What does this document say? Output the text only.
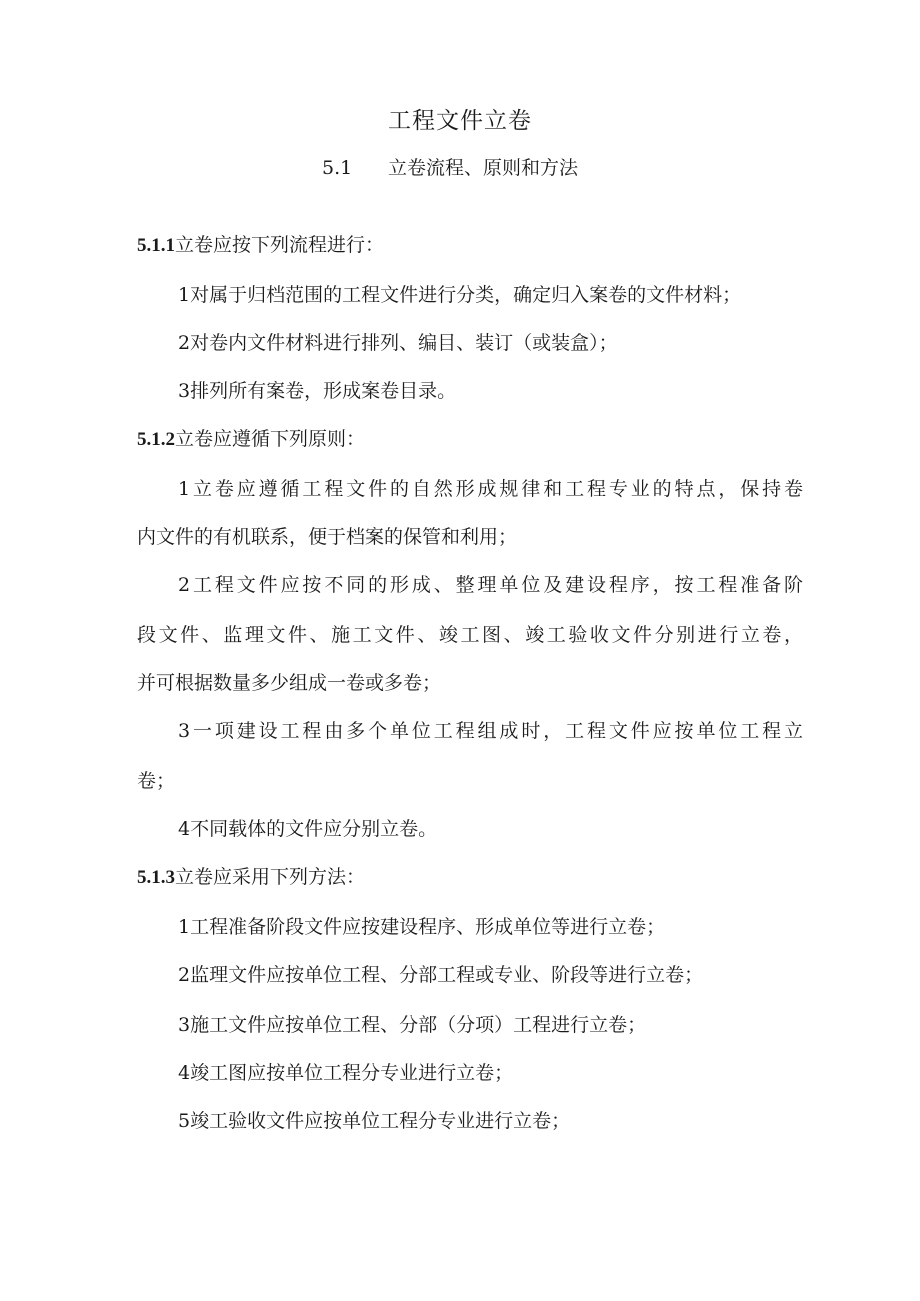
工程文件立卷

5.1 立卷流程、原则和方法

5.1.1立卷应按下列流程进行：

1对属于归档范围的工程文件进行分类，确定归入案卷的文件材料；

2对卷内文件材料进行排列、编目、装订（或装盒）；

3排列所有案卷，形成案卷目录。

5.1.2立卷应遵循下列原则：

1立卷应遵循工程文件的自然形成规律和工程专业的特点，保持卷

内文件的有机联系，便于档案的保管和利用；

2工程文件应按不同的形成、整理单位及建设程序，按工程准备阶

段文件、监理文件、施工文件、竣工图、竣工验收文件分别进行立卷，

并可根据数量多少组成一卷或多卷；

3一项建设工程由多个单位工程组成时，工程文件应按单位工程立

卷；

4不同载体的文件应分别立卷。

5.1.3立卷应采用下列方法：

1工程准备阶段文件应按建设程序、形成单位等进行立卷；

2监理文件应按单位工程、分部工程或专业、阶段等进行立卷；

3施工文件应按单位工程、分部（分项）工程进行立卷；

4竣工图应按单位工程分专业进行立卷；

5竣工验收文件应按单位工程分专业进行立卷；
